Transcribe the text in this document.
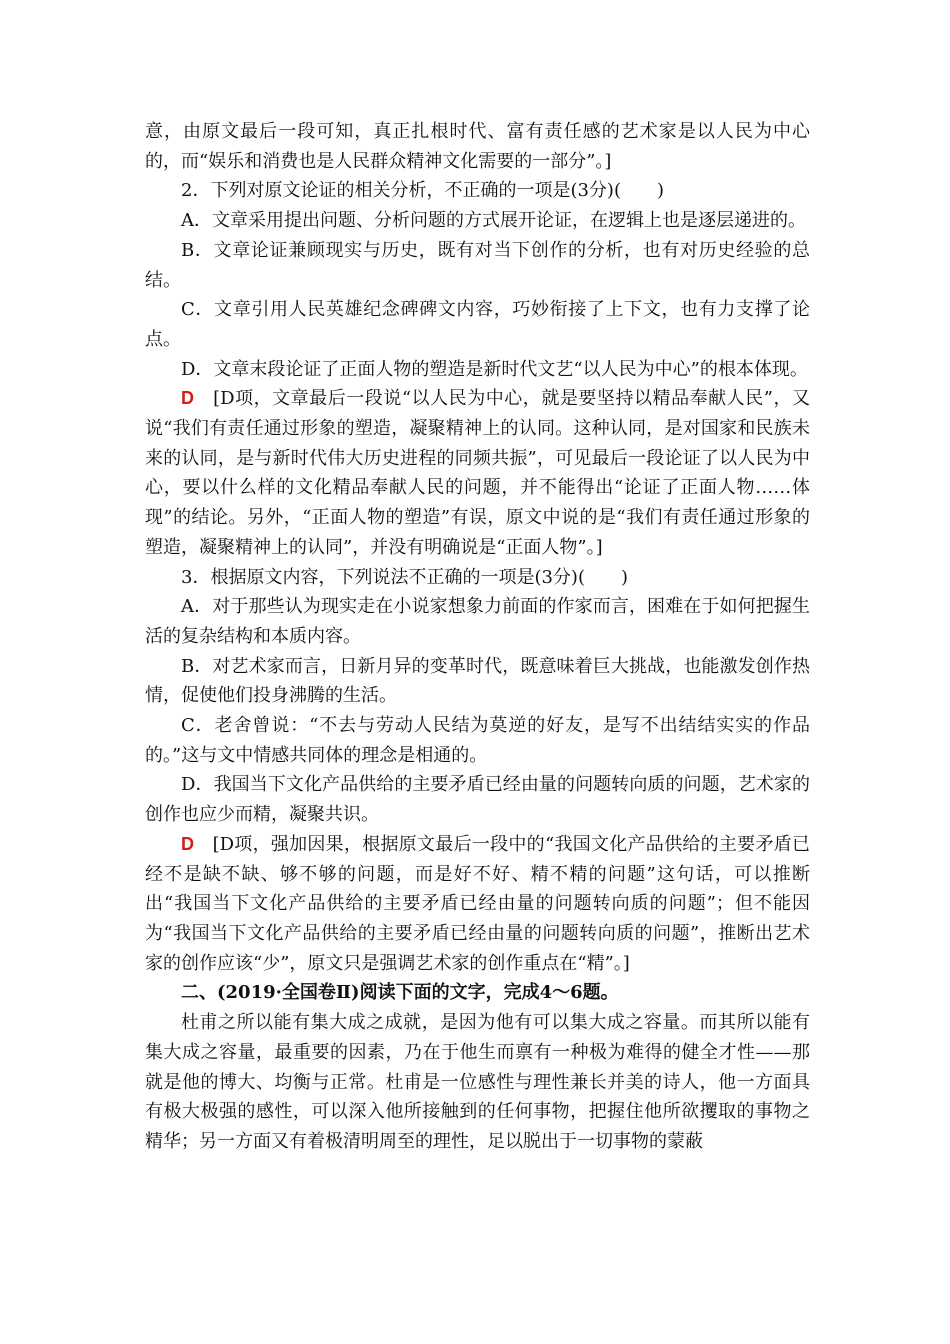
意，由原文最后一段可知，真正扎根时代、富有责任感的艺术家是以人民为中心的，而“娱乐和消费也是人民群众精神文化需要的一部分”。]

2．下列对原文论证的相关分析，不正确的一项是(3分)(　　)

A．文章采用提出问题、分析问题的方式展开论证，在逻辑上也是逐层递进的。

B．文章论证兼顾现实与历史，既有对当下创作的分析，也有对历史经验的总结。

C．文章引用人民英雄纪念碑碑文内容，巧妙衔接了上下文，也有力支撑了论点。

D．文章末段论证了正面人物的塑造是新时代文艺“以人民为中心”的根本体现。

D　 [D项，文章最后一段说“以人民为中心，就是要坚持以精品奉献人民”，又说“我们有责任通过形象的塑造，凝聚精神上的认同。这种认同，是对国家和民族未来的认同，是与新时代伟大历史进程的同频共振”，可见最后一段论证了以人民为中心，要以什么样的文化精品奉献人民的问题，并不能得出“论证了正面人物……体现”的结论。另外，“正面人物的塑造”有误，原文中说的是“我们有责任通过形象的塑造，凝聚精神上的认同”，并没有明确说是“正面人物”。]

3．根据原文内容，下列说法不正确的一项是(3分)(　　)

A．对于那些认为现实走在小说家想象力前面的作家而言，困难在于如何把握生活的复杂结构和本质内容。

B．对艺术家而言，日新月异的变革时代，既意味着巨大挑战，也能激发创作热情，促使他们投身沸腾的生活。

C．老舍曾说：“不去与劳动人民结为莫逆的好友，是写不出结结实实的作品的。”这与文中情感共同体的理念是相通的。

D．我国当下文化产品供给的主要矛盾已经由量的问题转向质的问题，艺术家的创作也应少而精，凝聚共识。

D　 [D项，强加因果，根据原文最后一段中的“我国文化产品供给的主要矛盾已经不是缺不缺、够不够的问题，而是好不好、精不精的问题”这句话，可以推断出“我国当下文化产品供给的主要矛盾已经由量的问题转向质的问题”；但不能因为“我国当下文化产品供给的主要矛盾已经由量的问题转向质的问题”，推断出艺术家的创作应该“少”，原文只是强调艺术家的创作重点在“精”。]

二、(2019·全国卷Ⅱ)阅读下面的文字，完成4～6题。

杜甫之所以能有集大成之成就，是因为他有可以集大成之容量。而其所以能有集大成之容量，最重要的因素，乃在于他生而禀有一种极为难得的健全才性——那就是他的博大、均衡与正常。杜甫是一位感性与理性兼长并美的诗人，他一方面具有极大极强的感性，可以深入他所接触到的任何事物，把握住他所欲攫取的事物之精华；另一方面又有着极清明周至的理性，足以脱出于一切事物的蒙蔽
